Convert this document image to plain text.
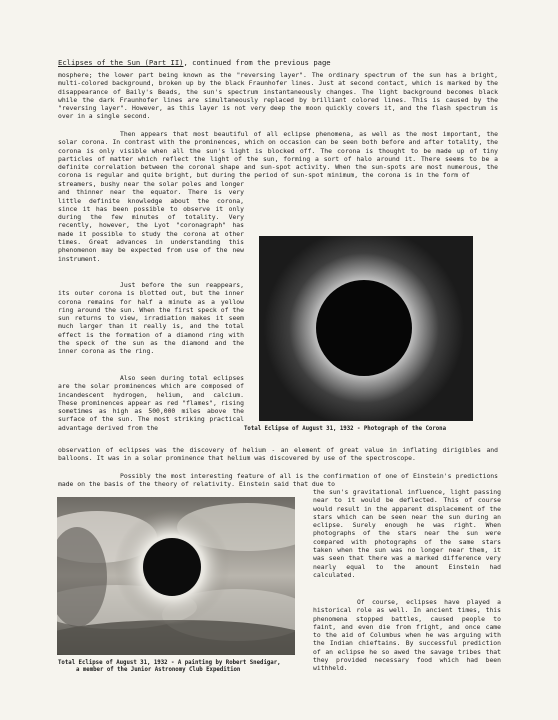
Eclipses of the Sun (Part II), continued from the previous page

mosphere; the lower part being known as the "reversing layer". The ordinary spectrum of the sun has a bright, multi-colored background, broken up by the black Fraunhofer lines. Just at second contact, which is marked by the disappearance of Baily's Beads, the sun's spectrum instantaneously changes. The light background becomes black while the dark Fraunhofer lines are simultaneously replaced by brilliant colored lines. This is caused by the "reversing layer". However, as this layer is not very deep the moon quickly covers it, and the flash spectrum is over in a single second.

Then appears that most beautiful of all eclipse phenomena, as well as the most important, the solar corona. In contrast with the prominences, which on occasion can be seen both before and after totality, the corona is only visible when all the sun's light is blocked off. The corona is thought to be made up of tiny particles of matter which reflect the light of the sun, forming a sort of halo around it. There seems to be a definite correlation between the coronal shape and sun-spot activity. When the sun-spots are most numerous, the corona is regular and quite bright, but during the period of sun-spot minimum, the corona is in the form of

streamers, bushy near the solar poles and longer and thinner near the equator. There is very little definite knowledge about the corona, since it has been possible to observe it only during the few minutes of totality. Very recently, however, the Lyot "coronagraph" has made it possible to study the corona at other times. Great advances in understanding this phenomenon may be expected from use of the new instrument.

Just before the sun reappears, its outer corona is blotted out, but the inner corona remains for half a minute as a yellow ring around the sun. When the first speck of the sun returns to view, irradiation makes it seem much larger than it really is, and the total effect is the formation of a diamond ring with the speck of the sun as the diamond and the inner corona as the ring.

Also seen during total eclipses are the solar prominences which are composed of incandescent hydrogen, helium, and calcium. These prominences appear as red "flames", rising sometimes as high as 500,000 miles above the surface of the sun. The most striking practical advantage derived from the

observation of eclipses was the discovery of helium - an element of great value in inflating dirigibles and balloons. It was in a solar prominence that helium was discovered by use of the spectroscope.

Total Eclipse of August 31, 1932 - Photograph of the Corona

Possibly the most interesting feature of all is the confirmation of one of Einstein's predictions made on the basis of the theory of relativity. Einstein said that due to

the sun's gravitational influence, light passing near to it would be deflected. This of course would result in the apparent displacement of the stars which can be seen near the sun during an eclipse. Surely enough he was right. When photographs of the stars near the sun were compared with photographs of the same stars taken when the sun was no longer near them, it was seen that there was a marked difference very nearly equal to the amount Einstein had calculated.

Of course, eclipses have played a historical role as well. In ancient times, this phenomena stopped battles, caused people to faint, and even die from fright, and once came to the aid of Columbus when he was arguing with the Indian chieftains. By successful prediction of an eclipse he so awed the savage tribes that they provided necessary food which had been withheld.

Total Eclipse of August 31, 1932 - A painting by Robert Snedigar,
a member of the Junior Astronomy Club Expedition
